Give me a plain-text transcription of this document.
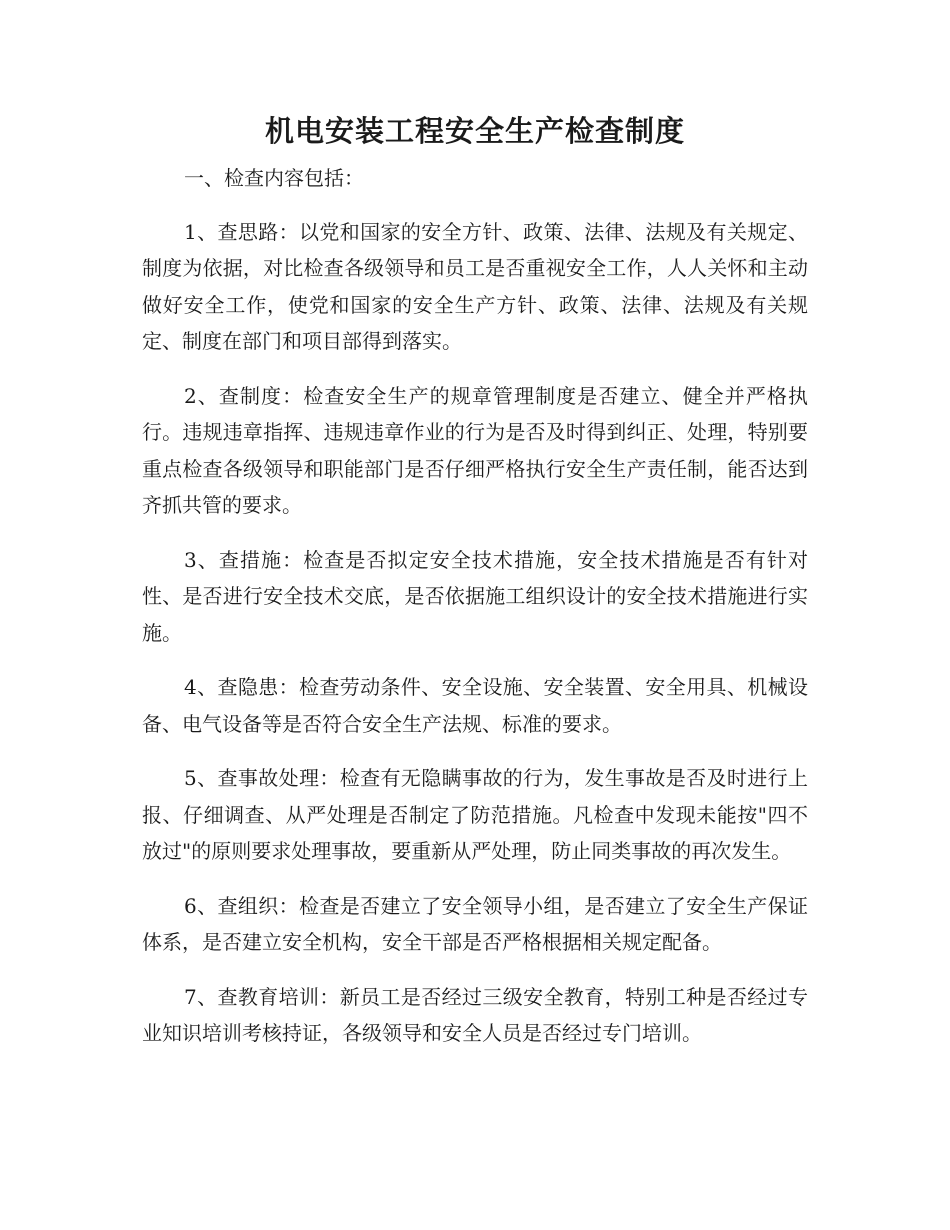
机电安装工程安全生产检查制度

一、检查内容包括：

1、查思路：以党和国家的安全方针、政策、法律、法规及有关规定、制度为依据，对比检查各级领导和员工是否重视安全工作，人人关怀和主动做好安全工作，使党和国家的安全生产方针、政策、法律、法规及有关规定、制度在部门和项目部得到落实。

2、查制度：检查安全生产的规章管理制度是否建立、健全并严格执行。违规违章指挥、违规违章作业的行为是否及时得到纠正、处理，特别要重点检查各级领导和职能部门是否仔细严格执行安全生产责任制，能否达到齐抓共管的要求。

3、查措施：检查是否拟定安全技术措施，安全技术措施是否有针对性、是否进行安全技术交底，是否依据施工组织设计的安全技术措施进行实施。

4、查隐患：检查劳动条件、安全设施、安全装置、安全用具、机械设备、电气设备等是否符合安全生产法规、标准的要求。

5、查事故处理：检查有无隐瞒事故的行为，发生事故是否及时进行上报、仔细调查、从严处理是否制定了防范措施。凡检查中发现未能按"四不放过"的原则要求处理事故，要重新从严处理，防止同类事故的再次发生。

6、查组织：检查是否建立了安全领导小组，是否建立了安全生产保证体系，是否建立安全机构，安全干部是否严格根据相关规定配备。

7、查教育培训：新员工是否经过三级安全教育，特别工种是否经过专业知识培训考核持证，各级领导和安全人员是否经过专门培训。
